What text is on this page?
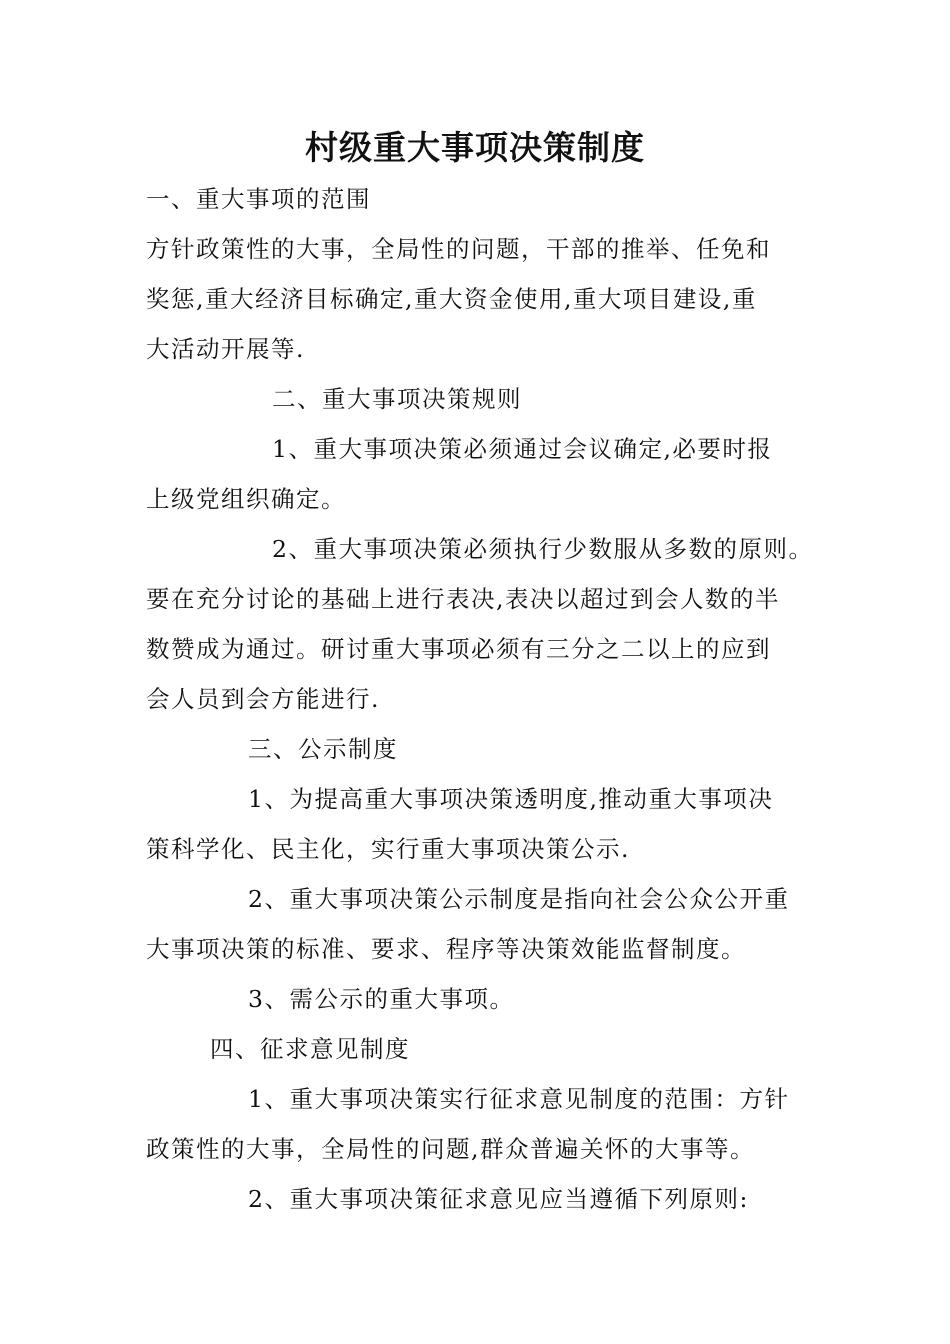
村级重大事项决策制度
一、重大事项的范围
方针政策性的大事，全局性的问题，干部的推举、任免和
奖惩,重大经济目标确定,重大资金使用,重大项目建设,重
大活动开展等.
二、重大事项决策规则
1、重大事项决策必须通过会议确定,必要时报
上级党组织确定。
2、重大事项决策必须执行少数服从多数的原则。
要在充分讨论的基础上进行表决,表决以超过到会人数的半
数赞成为通过。研讨重大事项必须有三分之二以上的应到
会人员到会方能进行.
三、公示制度
1、为提高重大事项决策透明度,推动重大事项决
策科学化、民主化，实行重大事项决策公示.
2、重大事项决策公示制度是指向社会公众公开重
大事项决策的标准、要求、程序等决策效能监督制度。
3、需公示的重大事项。
四、征求意见制度
1、重大事项决策实行征求意见制度的范围：方针
政策性的大事，全局性的问题,群众普遍关怀的大事等。
2、重大事项决策征求意见应当遵循下列原则:
